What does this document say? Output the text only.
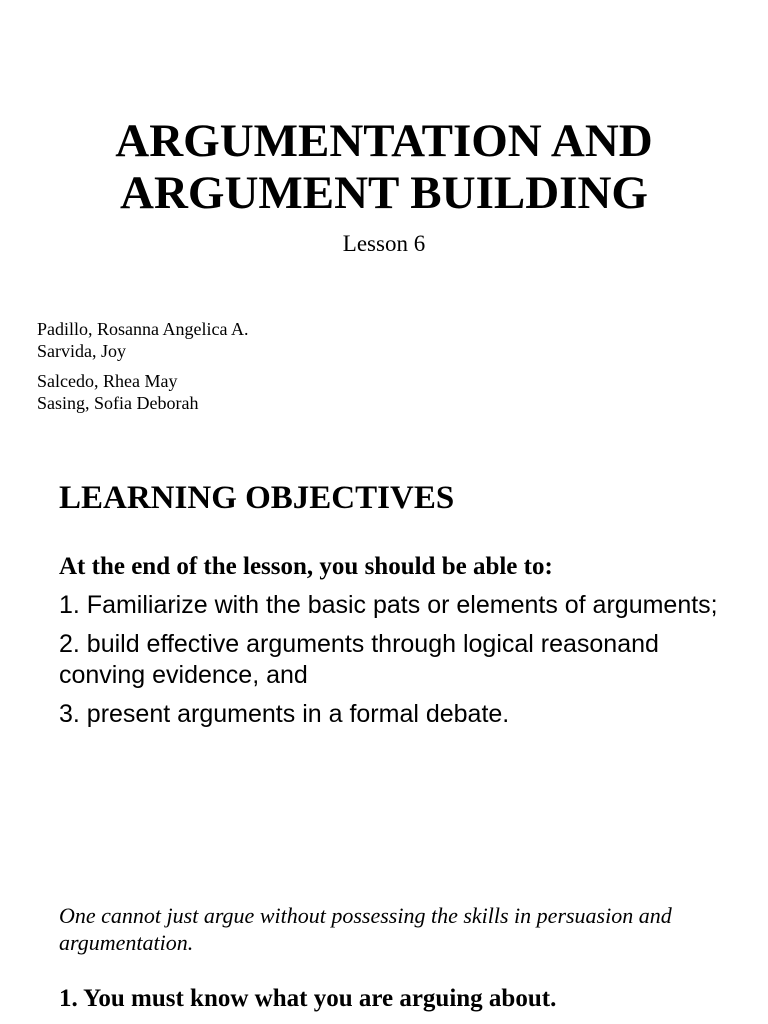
ARGUMENTATION AND
ARGUMENT BUILDING
Lesson 6
Padillo, Rosanna Angelica A.
Sarvida, Joy
Salcedo, Rhea May
Sasing, Sofia Deborah
LEARNING OBJECTIVES
At the end of the lesson, you should be able to:
1. Familiarize with the basic pats or elements of arguments;
2. build effective arguments through logical reasonand conving evidence, and
3. present arguments in a formal debate.
One cannot just argue without possessing the skills in persuasion and argumentation.
1. You must know what you are arguing about.
